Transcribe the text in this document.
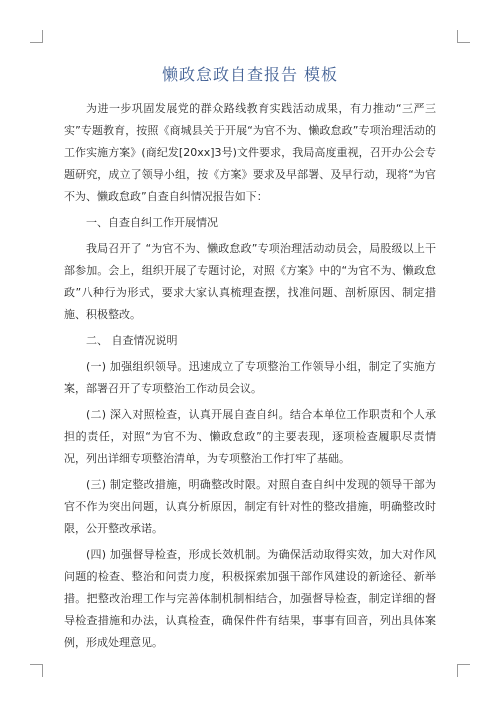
懒政怠政自查报告 模板

为进一步巩固发展党的群众路线教育实践活动成果，有力推动“三严三实”专题教育，按照《商城县关于开展“为官不为、懒政怠政”专项治理活动的工作实施方案》(商纪发[20xx]3号)文件要求，我局高度重视，召开办公会专题研究，成立了领导小组，按《方案》要求及早部署、及早行动，现将“为官不为、懒政怠政”自查自纠情况报告如下：

一、自查自纠工作开展情况

我局召开了 “为官不为、懒政怠政”专项治理活动动员会，局股级以上干部参加。会上，组织开展了专题讨论，对照《方案》中的“为官不为、懒政怠政”八种行为形式，要求大家认真梳理查摆，找准问题、剖析原因、制定措施、积极整改。

二、 自查情况说明

(一) 加强组织领导。迅速成立了专项整治工作领导小组，制定了实施方案，部署召开了专项整治工作动员会议。

(二) 深入对照检查，认真开展自查自纠。结合本单位工作职责和个人承担的责任，对照“为官不为、懒政怠政”的主要表现，逐项检查履职尽责情况，列出详细专项整治清单，为专项整治工作打牢了基础。

(三) 制定整改措施，明确整改时限。对照自查自纠中发现的领导干部为官不作为突出问题，认真分析原因，制定有针对性的整改措施，明确整改时限，公开整改承诺。

(四) 加强督导检查，形成长效机制。为确保活动取得实效，加大对作风问题的检查、整治和问责力度，积极探索加强干部作风建设的新途径、新举措。把整改治理工作与完善体制机制相结合，加强督导检查，制定详细的督导检查措施和办法，认真检查，确保件件有结果，事事有回音，列出具体案例，形成处理意见。
